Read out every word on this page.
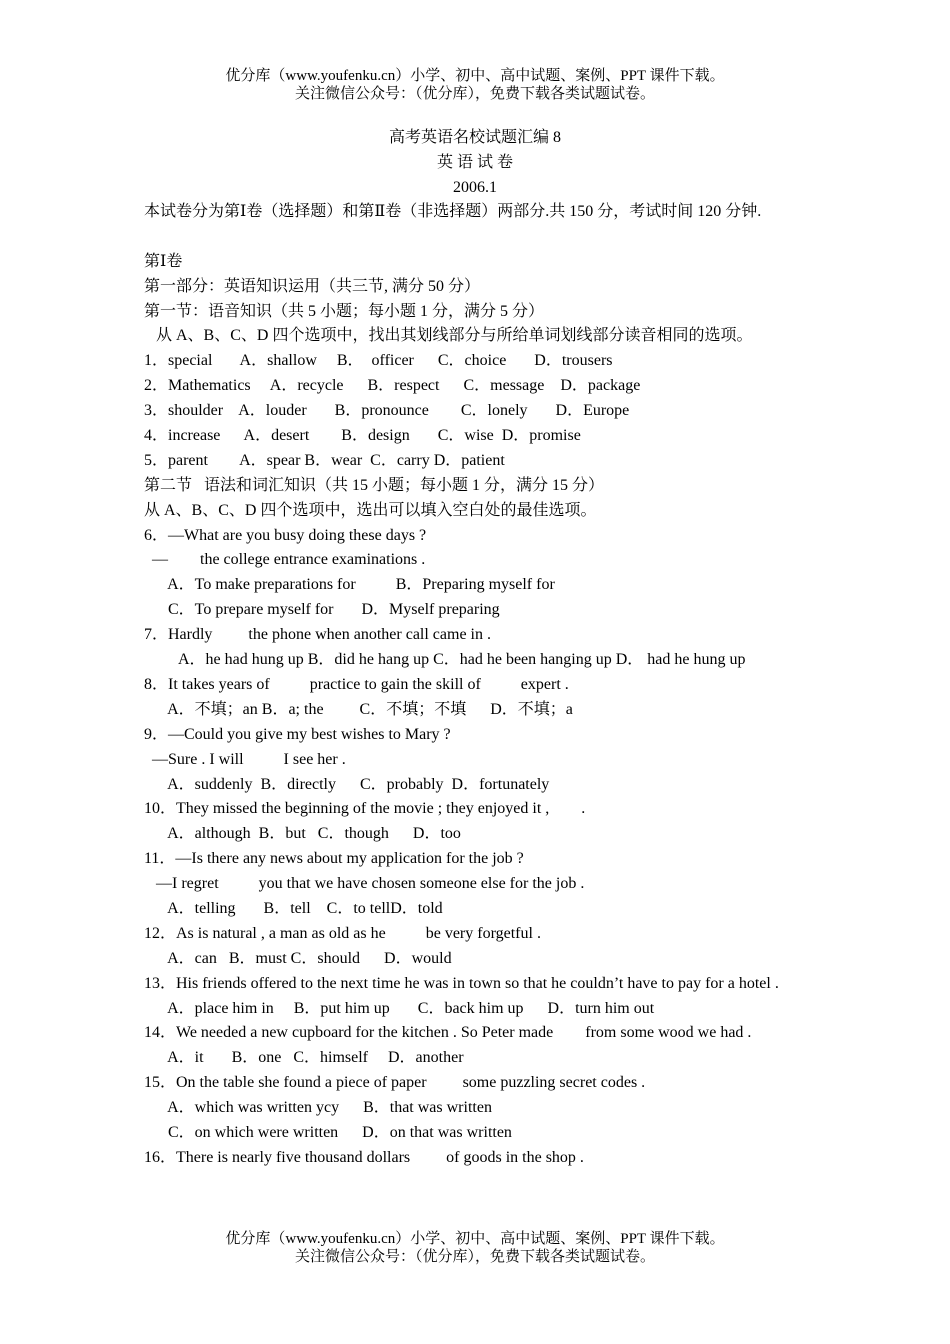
优分库（www.youfenku.cn）小学、初中、高中试题、案例、PPT 课件下载。
关注微信公众号：（优分库），免费下载各类试题试卷。
高考英语名校试题汇编 8
英 语 试 卷
2006.1
本试卷分为第Ⅰ卷（选择题）和第Ⅱ卷（非选择题）两部分.共 150 分，考试时间 120 分钟.
第Ⅰ卷
第一部分：英语知识运用（共三节, 满分 50 分）
第一节：语音知识（共 5 小题；每小题 1 分，满分 5 分）
从 A、B、C、D 四个选项中，找出其划线部分与所给单词划线部分读音相同的选项。
1．special       A．shallow     B．  officer      C．choice       D．trousers
2．Mathematics     A．recycle      B．respect      C．message    D．package
3．shoulder    A．louder       B．pronounce        C．lonely       D．Europe
4．increase      A．desert        B．design       C．wise  D．promise
5．parent        A．spear B．wear  C．carry D．patient
第二节   语法和词汇知识（共 15 小题；每小题 1 分，满分 15 分）
从 A、B、C、D 四个选项中，选出可以填入空白处的最佳选项。
6．—What are you busy doing these days ?
—        the college entrance examinations .
A．To make preparations for          B．Preparing myself for
C．To prepare myself for       D．Myself preparing
7．Hardly         the phone when another call came in .
A．he had hung up B．did he hang up C．had he been hanging up D． had he hung up
8．It takes years of          practice to gain the skill of          expert .
A．不填；an B．a; the         C．不填；不填      D．不填；a
9．—Could you give my best wishes to Mary ?
—Sure . I will          I see her .
A．suddenly  B．directly      C．probably  D．fortunately
10．They missed the beginning of the movie ; they enjoyed it ,        .
A．although  B．but   C．though      D．too
11．—Is there any news about my application for the job ?
—I regret          you that we have chosen someone else for the job .
A．telling       B．tell    C．to tellD．told
12．As is natural , a man as old as he          be very forgetful .
A．can   B．must C．should      D．would
13．His friends offered to the next time he was in town so that he couldn’t have to pay for a hotel .
A．place him in     B．put him up       C．back him up      D．turn him out
14．We needed a new cupboard for the kitchen . So Peter made        from some wood we had .
A．it       B．one   C．himself     D．another
15．On the table she found a piece of paper         some puzzling secret codes .
A．which was written ycy      B．that was written
C．on which were written      D．on that was written
16．There is nearly five thousand dollars         of goods in the shop .
优分库（www.youfenku.cn）小学、初中、高中试题、案例、PPT 课件下载。
关注微信公众号：（优分库），免费下载各类试题试卷。
